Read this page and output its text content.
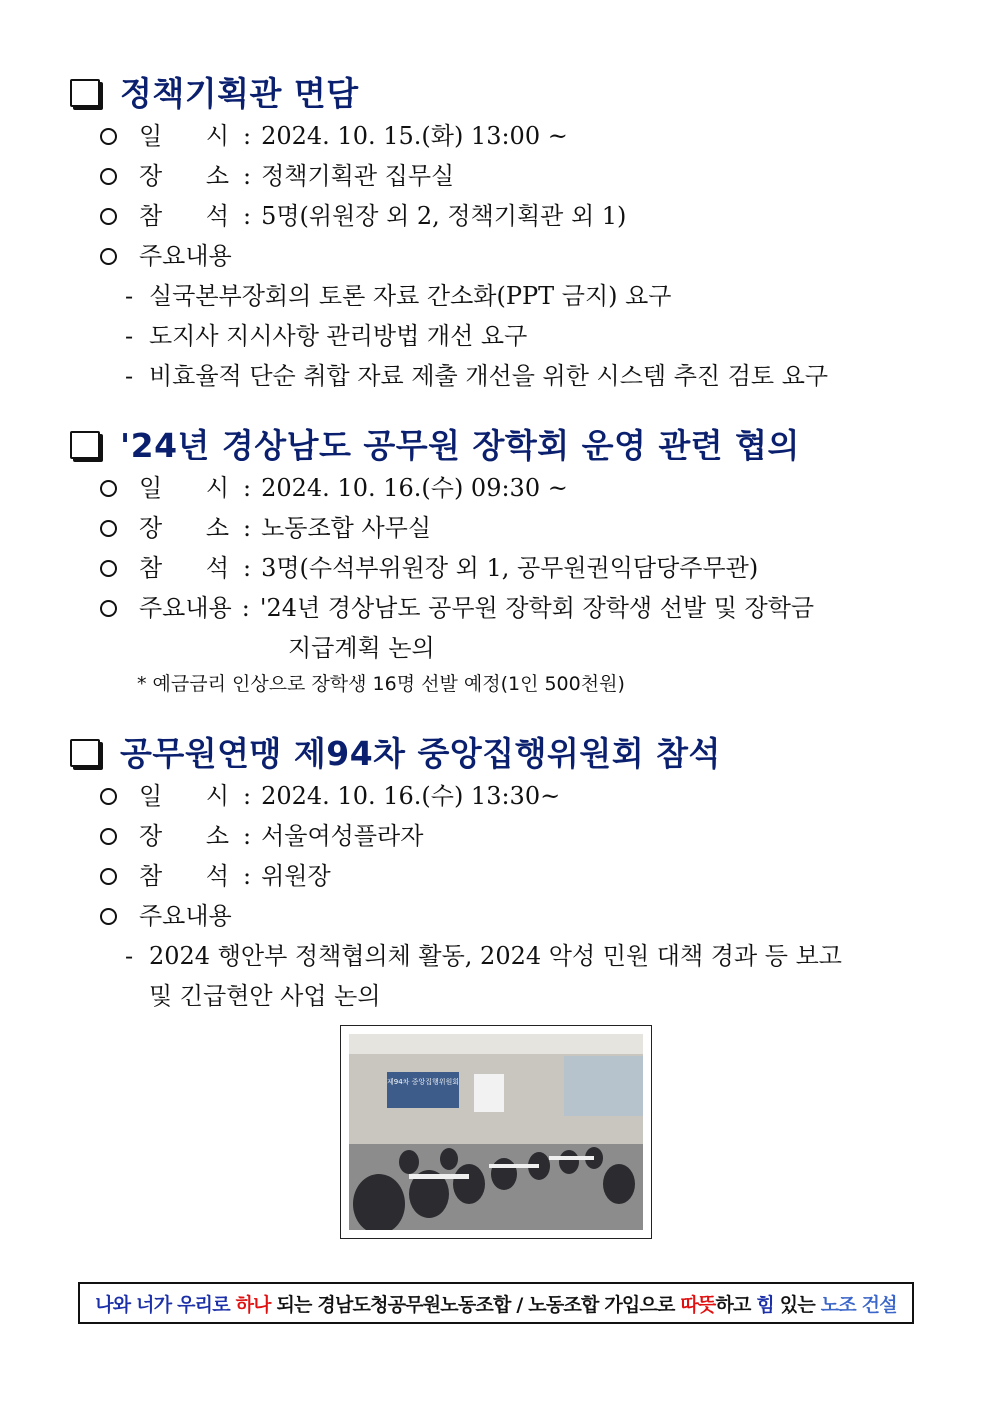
정책기획관 면담
일 시 : 2024. 10. 15.(화) 13:00 ~
장 소 : 정책기획관 집무실
참 석 : 5명(위원장 외 2, 정책기획관 외 1)
주요내용
- 실국본부장회의 토론 자료 간소화(PPT 금지) 요구
- 도지사 지시사항 관리방법 개선 요구
- 비효율적 단순 취합 자료 제출 개선을 위한 시스템 추진 검토 요구
'24년 경상남도 공무원 장학회 운영 관련 협의
일 시 : 2024. 10. 16.(수) 09:30 ~
장 소 : 노동조합 사무실
참 석 : 3명(수석부위원장 외 1, 공무원권익담당주무관)
주요내용 : '24년 경상남도 공무원 장학회 장학생 선발 및 장학금
지급계획 논의
* 예금금리 인상으로 장학생 16명 선발 예정(1인 500천원)
공무원연맹 제94차 중앙집행위원회 참석
일 시 : 2024. 10. 16.(수) 13:30~
장 소 : 서울여성플라자
참 석 : 위원장
주요내용
- 2024 행안부 정책협의체 활동, 2024 악성 민원 대책 경과 등 보고
및 긴급현안 사업 논의
제94차 중앙집행위원회
나와 너가 우리로 하나 되는 경남도청공무원노동조합 / 노동조합 가입으로 따뜻 하고 힘 있는 노조 건설
